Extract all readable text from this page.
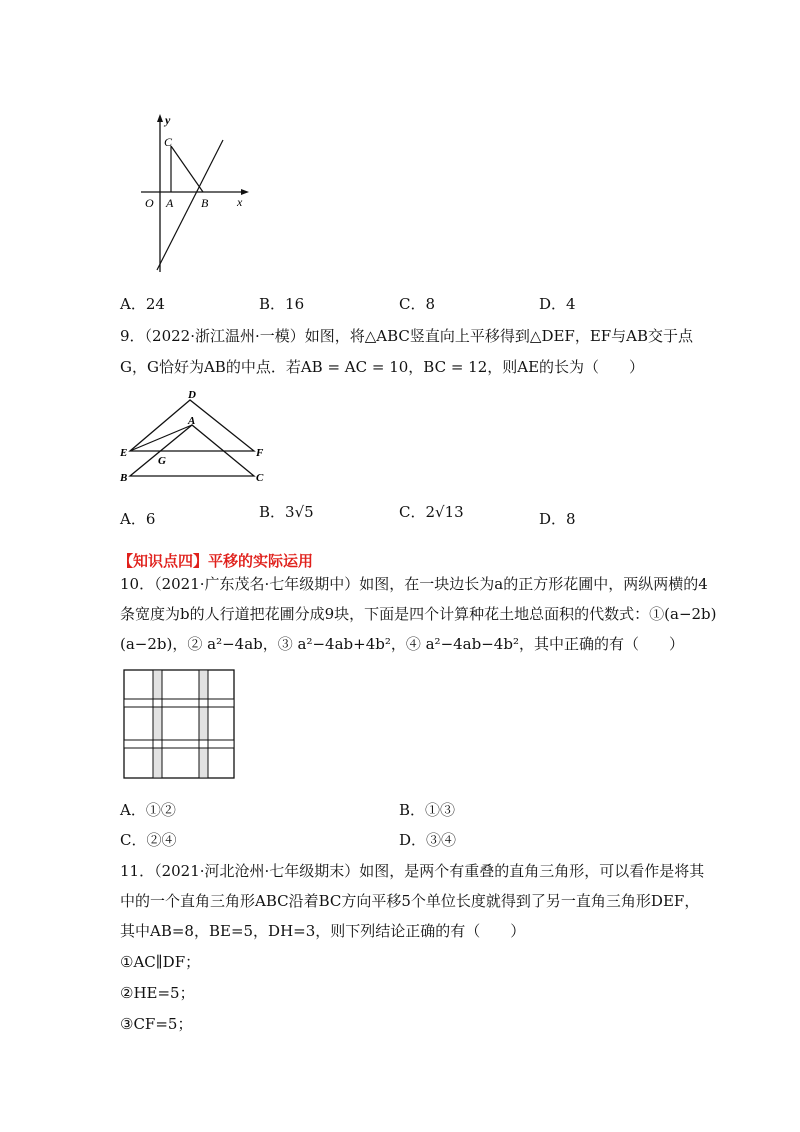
y
C
O A B x
A．24	B．16	C．8	D．4
9．（2022·浙江温州·一模）如图，将△ABC竖直向上平移得到△DEF，EF与AB交于点
G，G恰好为AB的中点．若AB = AC = 10，BC = 12，则AE的长为（　　）
D
A
E	F
G
B	C
A．6	B．3√5	C．2√13	D．8
【知识点四】平移的实际运用
10．（2021·广东茂名·七年级期中）如图，在一块边长为a的正方形花圃中，两纵两横的4
条宽度为b的人行道把花圃分成9块，下面是四个计算种花土地总面积的代数式：①(a−2b)
(a−2b)，② a²−4ab，③ a²−4ab+4b²，④ a²−4ab−4b²，其中正确的有（　　）
A．①②	B．①③
C．②④	D．③④
11．（2021·河北沧州·七年级期末）如图，是两个有重叠的直角三角形，可以看作是将其
中的一个直角三角形ABC沿着BC方向平移5个单位长度就得到了另一直角三角形DEF，
其中AB=8，BE=5，DH=3，则下列结论正确的有（　　）
①AC∥DF；
②HE=5；
③CF=5；
